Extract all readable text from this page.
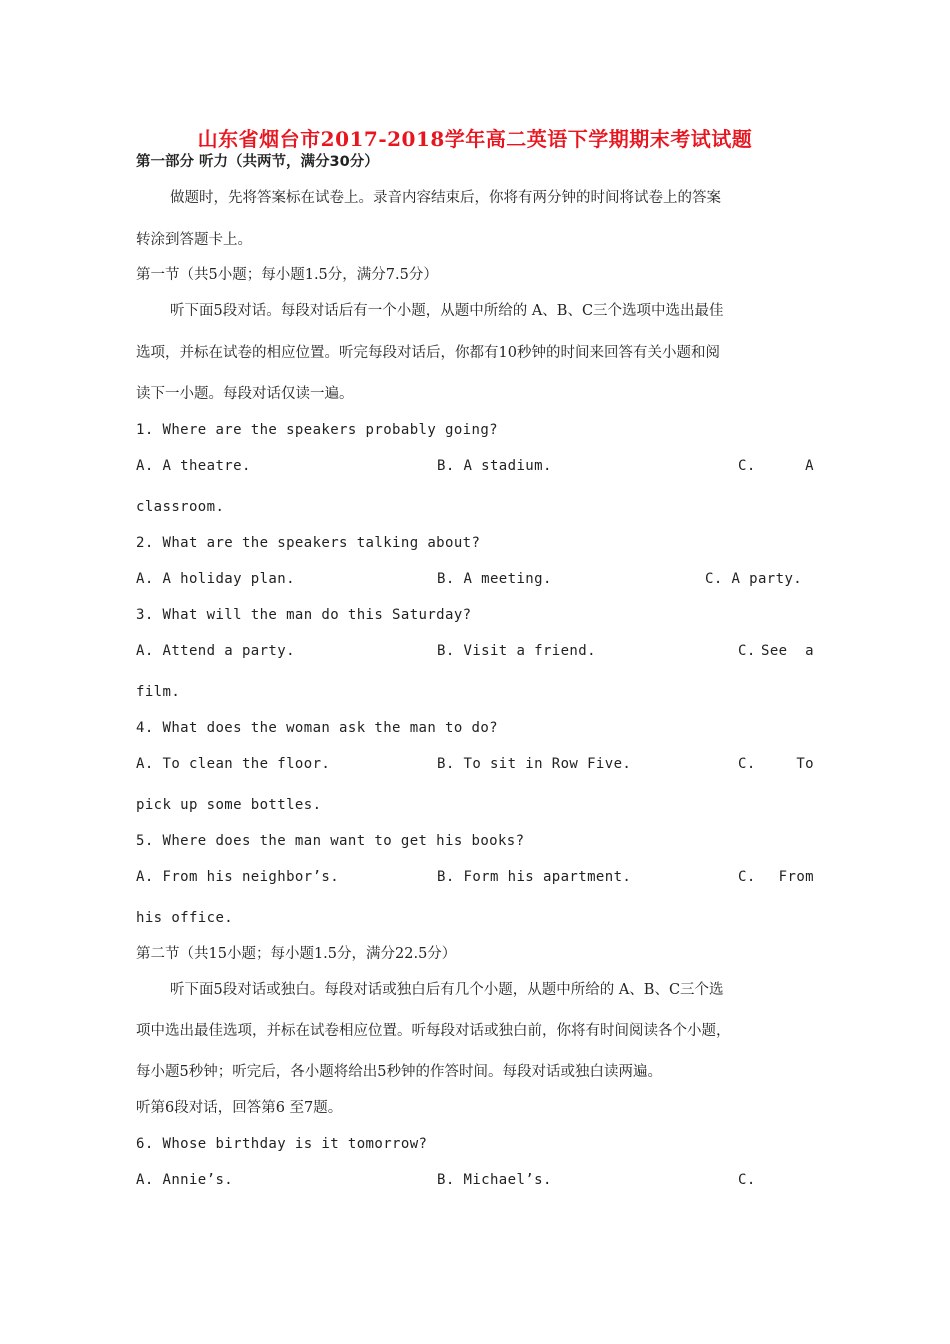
山东省烟台市2017-2018学年高二英语下学期期末考试试题
第一部分 听力（共两节，满分30分）
做题时，先将答案标在试卷上。录音内容结束后，你将有两分钟的时间将试卷上的答案
转涂到答题卡上。
第一节（共5小题；每小题1.5分，满分7.5分）
听下面5段对话。每段对话后有一个小题，从题中所给的 A、B、C三个选项中选出最佳
选项，并标在试卷的相应位置。听完每段对话后，你都有10秒钟的时间来回答有关小题和阅
读下一小题。每段对话仅读一遍。
1. Where are the speakers probably going?
A. A theatre.	B. A stadium.	C.	A
classroom.
2. What are the speakers talking about?
A. A holiday plan.	B. A meeting.	C. A party.
3. What will the man do this Saturday?
A. Attend a party.	B. Visit a friend.	C. See  a
film.
4. What does the woman ask the man to do?
A. To clean the floor.	B. To sit in Row Five.	C.	To
pick up some bottles.
5. Where does the man want to get his books?
A. From his neighbor’s.	B. Form his apartment.	C. From
his office.
第二节（共15小题；每小题1.5分，满分22.5分）
听下面5段对话或独白。每段对话或独白后有几个小题，从题中所给的 A、B、C三个选
项中选出最佳选项，并标在试卷相应位置。听每段对话或独白前，你将有时间阅读各个小题，
每小题5秒钟；听完后，各小题将给出5秒钟的作答时间。每段对话或独白读两遍。
听第6段对话，回答第6 至7题。
6. Whose birthday is it tomorrow?
A. Annie’s.	B. Michael’s.	C.
